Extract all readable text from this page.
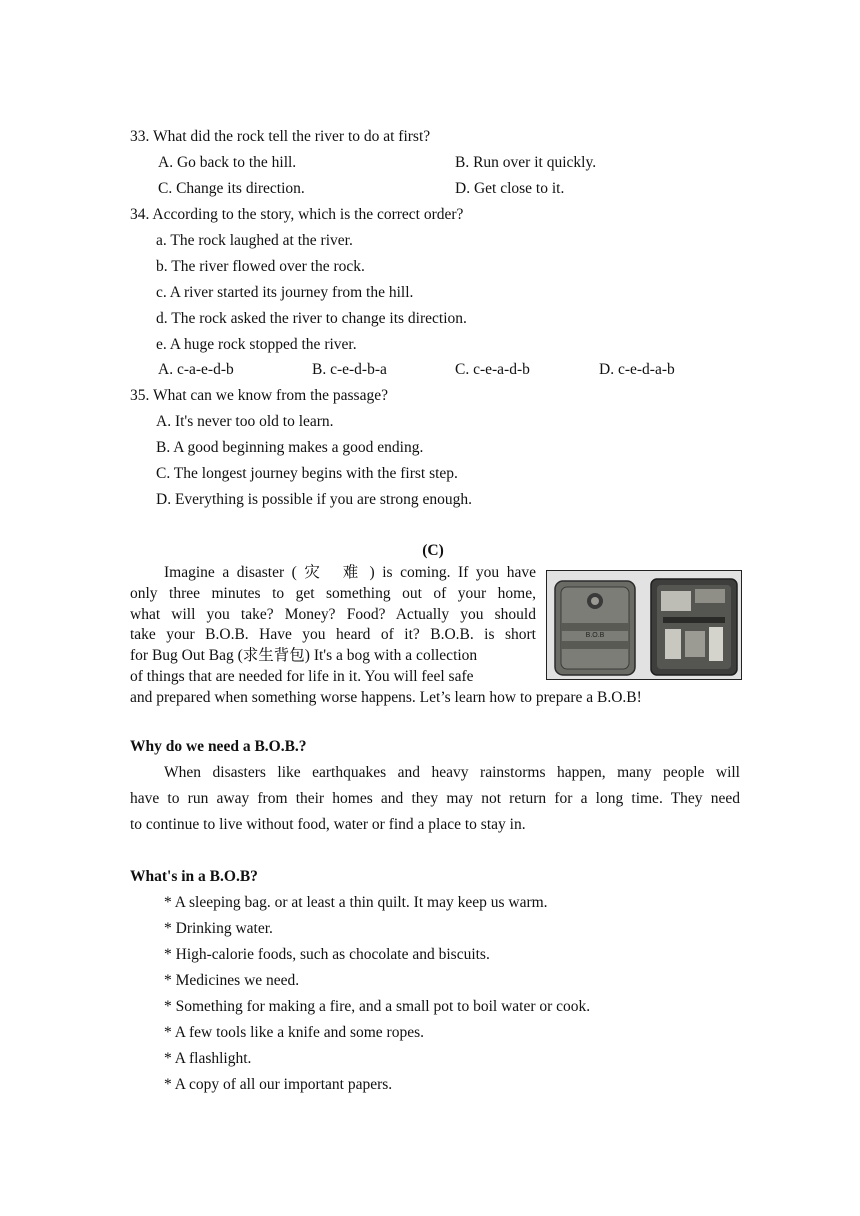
33. What did the rock tell the river to do at first?
A. Go back to the hill.	B. Run over it quickly.
C. Change its direction.	D. Get close to it.
34. According to the story, which is the correct order?
a. The rock laughed at the river.
b. The river flowed over the rock.
c. A river started its journey from the hill.
d. The rock asked the river to change its direction.
e. A huge rock stopped the river.
A. c-a-e-d-b	B. c-e-d-b-a	C. c-e-a-d-b	D. c-e-d-a-b
35. What can we know from the passage?
A. It's never too old to learn.
B. A good beginning makes a good ending.
C. The longest journey begins with the first step.
D. Everything is possible if you are strong enough.
(C)
Imagine a disaster ( 灾　难 ) is coming. If you have
only three minutes to get something out of your home,
what will you take? Money? Food? Actually you should
take your B.O.B. Have you heard of it? B.O.B. is short
for Bug Out Bag (求生背包) It's a bog with a collection
of things that are needed for life in it. You will feel safe
and prepared when something worse happens. Let’s learn how to prepare a B.O.B!
B.O.B
Why do we need a B.O.B.?
When disasters like earthquakes and heavy rainstorms happen, many people will
have to run away from their homes and they may not return for a long time. They need
to continue to live without food, water or find a place to stay in.
What's in a B.O.B?
* A sleeping bag. or at least a thin quilt. It may keep us warm.
* Drinking water.
* High-calorie foods, such as chocolate and biscuits.
* Medicines we need.
* Something for making a fire, and a small pot to boil water or cook.
* A few tools like a knife and some ropes.
* A flashlight.
* A copy of all our important papers.
